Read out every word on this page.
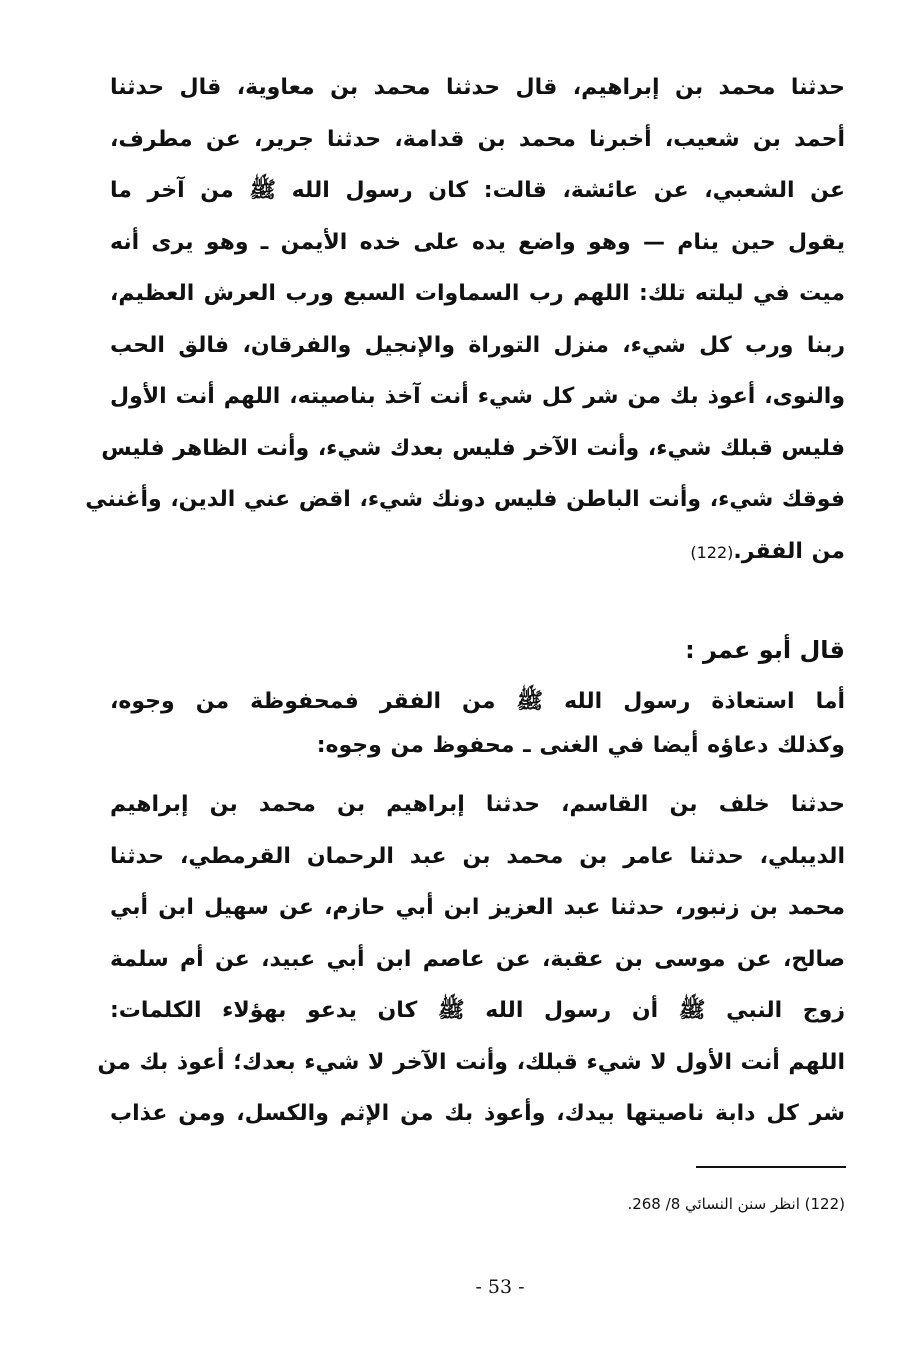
حدثنا محمد بن إبراهيم، قال حدثنا محمد بن معاوية، قال حدثنا
أحمد بن شعيب، أخبرنا محمد بن قدامة، حدثنا جرير، عن مطرف،
عن الشعبي، عن عائشة، قالت: كان رسول الله ﷺ من آخر ما
يقول حين ينام — وهو واضع يده على خده الأيمن ـ وهو يرى أنه
ميت في ليلته تلك: اللهم رب السماوات السبع ورب العرش العظيم،
ربنا ورب كل شيء، منزل التوراة والإنجيل والفرقان، فالق الحب
والنوى، أعوذ بك من شر كل شيء أنت آخذ بناصيته، اللهم أنت الأول
فليس قبلك شيء، وأنت الآخر فليس بعدك شيء، وأنت الظاهر فليس
فوقك شيء، وأنت الباطن فليس دونك شيء، اقض عني الدين، وأغنني
من الفقر.(122)
قال أبو عمر :
أما استعاذة رسول الله ﷺ من الفقر فمحفوظة من وجوه،
وكذلك دعاؤه أيضا في الغنى ـ محفوظ من وجوه:
حدثنا خلف بن القاسم، حدثنا إبراهيم بن محمد بن إبراهيم
الديبلي، حدثنا عامر بن محمد بن عبد الرحمان القرمطي، حدثنا
محمد بن زنبور، حدثنا عبد العزيز ابن أبي حازم، عن سهيل ابن أبي
صالح، عن موسى بن عقبة، عن عاصم ابن أبي عبيد، عن أم سلمة
زوج النبي ﷺ أن رسول الله ﷺ كان يدعو بهؤلاء الكلمات:
اللهم أنت الأول لا شيء قبلك، وأنت الآخر لا شيء بعدك؛ أعوذ بك من
شر كل دابة ناصيتها بيدك، وأعوذ بك من الإثم والكسل، ومن عذاب
(122) انظر سنن النسائي 8/ 268.
- 53 -
